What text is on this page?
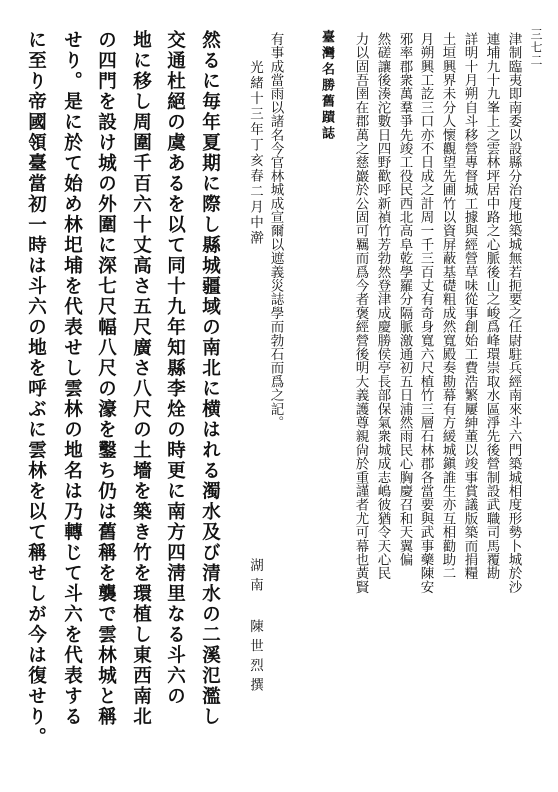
臺灣名勝舊蹟誌	三七二
津制臨夷即南委以設縣分治度地築城無若扼要之任尉駐兵經南來斗六門築城相度形勢卜城於沙
連埔九十九峯上之雲林坪居中路之心脈後山之峻爲峰環崇取水區淨先後營制設武職司馬覆勘
詳明十月朔自斗移營專督城工據與經營草味從事創始工費浩繁屢紳董以竣事賞議版築而捐糧
土垣興界未分人懷觀望先圃竹以資屏蔽基礎粗成然寬殿奏勘幕有方緩城鎭誰生亦互相勸助二
月朔興工訖三口亦不日成之計周一千三百丈有奇身寬六尺植竹三層石林郡各當要與武事藥陳安
邪率郡衆萬羣爭先竣工役民西北高阜乾學羅分隔脈激通初五日浦然雨民心胸慶召和天翼偏
然磋讓後湊沱數日四野歡呼新禎竹芳勃然登津成慶勝侯亭長部保氣衆城成志嶋彼猶令天心民
力以固吾圉在郡萬之慈巖於公固可羈而爲今者褒經營後明大義護尊親尙於重謹者尤可幕也黃賢
有事成當雨以諸名今官林城成宣爾以遮義災誌學而勃石而爲之記。
光緒十三年丁亥春二月中澣
湖南 陳世烈撰
然るに毎年夏期に際し縣城疆域の南北に横はれる濁水及び清水の二溪氾濫し
交通杜絕の虞あるを以て同十九年知縣李烇の時更に南方四淸里なる斗六の
地に移し周圍千百六十丈高さ五尺廣さ八尺の土墻を築き竹を環植し東西南北
の四門を設け城の外圍に深七尺幅八尺の濠を鑿ち仍は舊稱を襲で雲林城と稱
せり。是に於て始め林圯埔を代表せし雲林の地名は乃轉じて斗六を代表する
に至り帝國領臺當初一時は斗六の地を呼ぶに雲林を以て稱せしが今は復せり。
